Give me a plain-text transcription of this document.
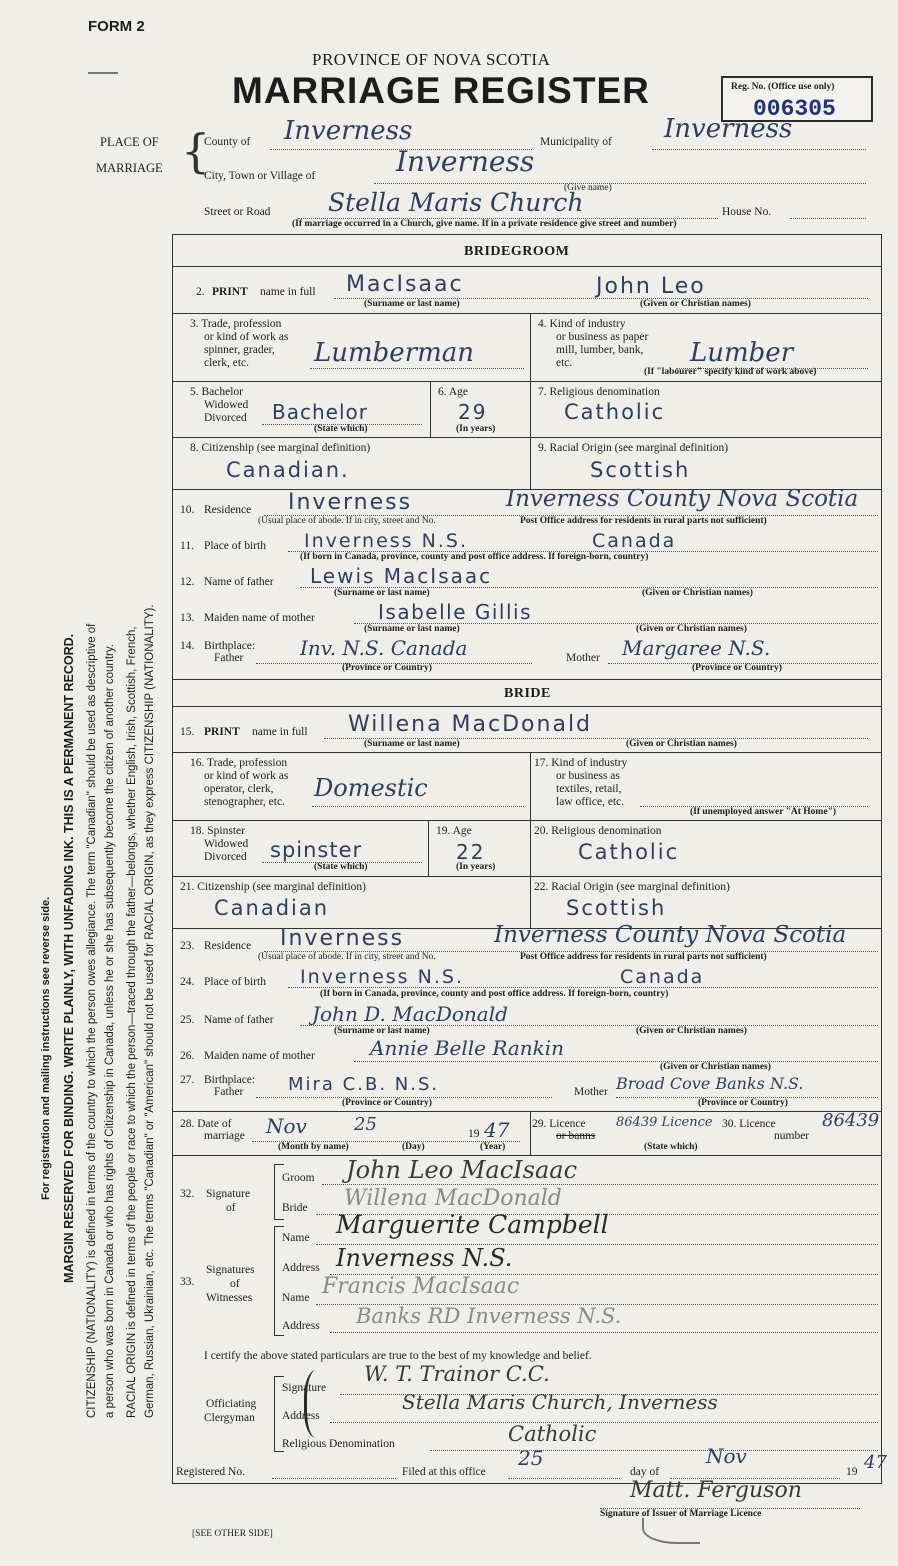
For registration and mailing instructions see reverse side. MARGIN RESERVED FOR BINDING. WRITE PLAINLY, WITH UNFADING INK. THIS IS A PERMANENT RECORD. CITIZENSHIP (NATIONALITY) is defined in terms of the country to which the person owes allegiance. The term "Canadian" should be used as descriptive of a person who was born in Canada or who has rights of Citizenship in Canada, unless he or she has subsequently become the citizen of another country. RACIAL ORIGIN is defined in terms of the people or race to which the person—traced through the father—belongs, whether English, Irish, Scottish, French, German, Russian, Ukrainian, etc. The terms "Canadian" or "American" should not be used for RACIAL ORIGIN, as they express CITIZENSHIP (NATIONALITY).
FORM 2
PROVINCE OF NOVA SCOTIA
MARRIAGE REGISTER	Reg. No. (Office use only)
006305
PLACE OF
MARRIAGE {
County of Inverness	Municipality of Inverness
City, Town or Village of	Inverness
(Give name)
Street or Road Stella Maris Church	House No.
(If marriage occurred in a Church, give name. If in a private residence give street and number)
BRIDEGROOM
2. PRINT name in full MacIsaac	John Leo
(Surname or last name)	(Given or Christian names)
3. Trade, profession
or kind of work as
spinner, grader,
clerk, etc. Lumberman
4. Kind of industry
or business as paper
mill, lumber, bank,
etc.	Lumber
(If "labourer" specify kind of work above)
5. Bachelor
Widowed
Divorced Bachelor
(State which)
6. Age
29
(In years)
7. Religious denomination
Catholic
8. Citizenship (see marginal definition)
Canadian.
9. Racial Origin (see marginal definition)
Scottish
10. Residence Inverness	Inverness County Nova Scotia
(Usual place of abode. If in city, street and No.	Post Office address for residents in rural parts not sufficient)
11. Place of birth Inverness N.S.	Canada
(If born in Canada, province, county and post office address. If foreign-born, country)
12. Name of father Lewis MacIsaac
(Surname or last name)	(Given or Christian names)
13. Maiden name of mother	Isabelle Gillis
(Surname or last name)	(Given or Christian names)
14. Birthplace:
Father	Inv. N.S. Canada	Mother Margaree N.S.
(Province or Country)	(Province or Country)
BRIDE
15. PRINT name in full Willena MacDonald
(Surname or last name)	(Given or Christian names)
16. Trade, profession
or kind of work as
operator, clerk,
stenographer, etc. Domestic
17. Kind of industry
or business as
textiles, retail,
law office, etc.
(If unemployed answer "At Home")
18. Spinster
Widowed
Divorced spinster
(State which)
19. Age
22
(In years)
20. Religious denomination
Catholic
21. Citizenship (see marginal definition)
Canadian
22. Racial Origin (see marginal definition)
Scottish
23. Residence Inverness	Inverness County Nova Scotia
(Usual place of abode. If in city, street and No.	Post Office address for residents in rural parts not sufficient)
24. Place of birth Inverness N.S.	Canada
(If born in Canada, province, county and post office address. If foreign-born, country)
25. Name of father John D. MacDonald
(Surname or last name)	(Given or Christian names)
26. Maiden name of mother	Annie Belle Rankin
(Given or Christian names)
27. Birthplace:
Father Mira C.B. N.S.	Mother Broad Cove Banks N.S.
(Province or Country)	(Province or Country)
28. Date of
marriage Nov	25	19 47
(Month by name)	(Day)	(Year)
29. Licence
or banns
86439 Licence
(State which)
30. Licence
number
86439
32. Signature
of
Groom John Leo MacIsaac
Bride Willena MacDonald
33.
Signatures
of
Witnesses
Name Marguerite Campbell
Address Inverness N.S.
Name Francis MacIsaac
Address Banks RD Inverness N.S.
I certify the above stated particulars are true to the best of my knowledge and belief.
Officiating
Clergyman
Signature
W. T. Trainor C.C.
Address
Stella Maris Church, Inverness
Religious Denomination	Catholic
Registered No.	Filed at this office
25
day of
Nov
19 47
Matt. Ferguson
Signature of Issuer of Marriage Licence
[SEE OTHER SIDE]
